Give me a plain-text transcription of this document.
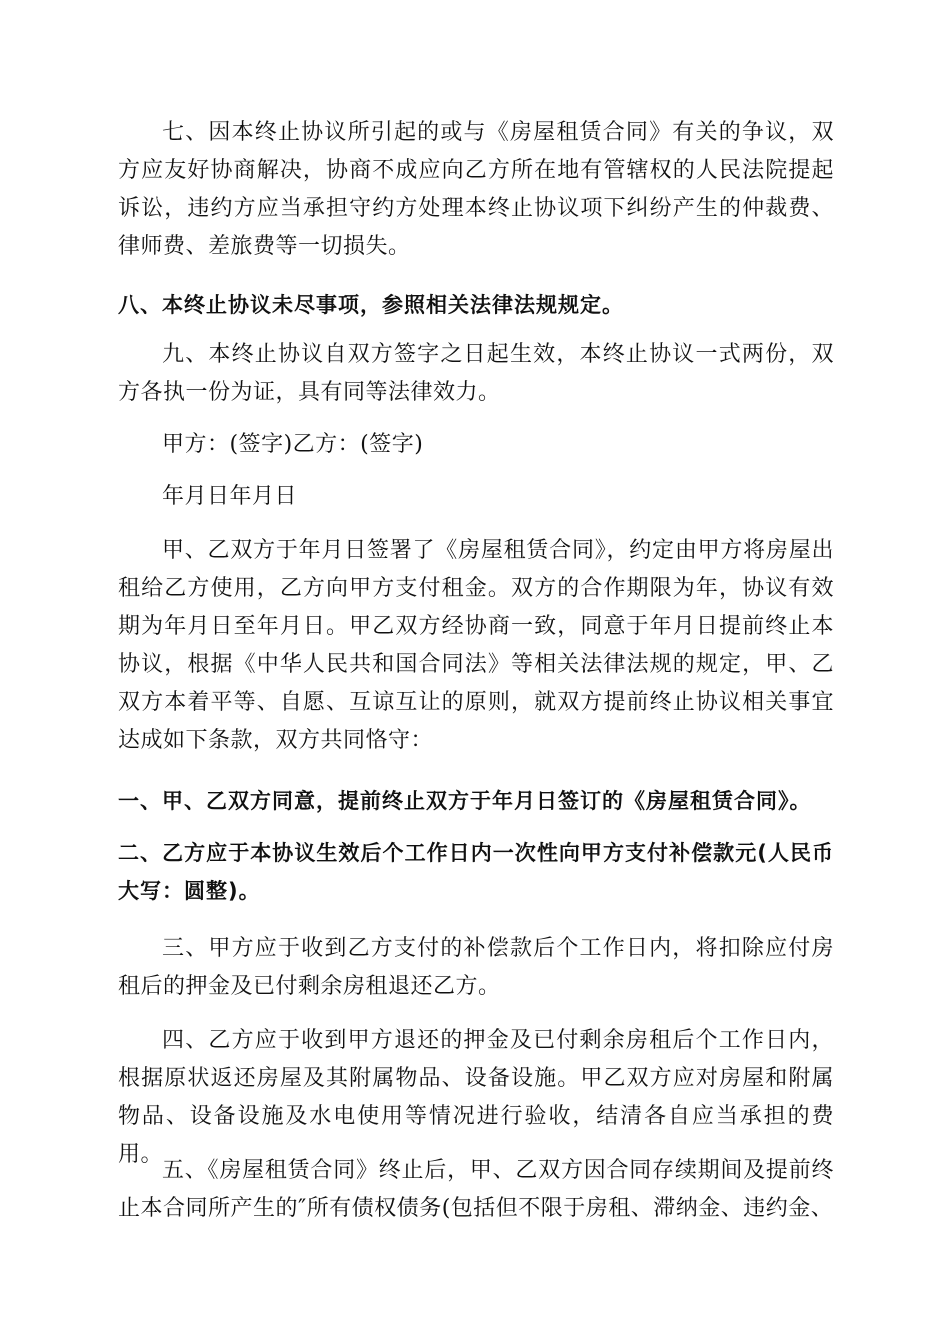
七、因本终止协议所引起的或与《房屋租赁合同》有关的争议，双方应友好协商解决，协商不成应向乙方所在地有管辖权的人民法院提起诉讼，违约方应当承担守约方处理本终止协议项下纠纷产生的仲裁费、律师费、差旅费等一切损失。

八、本终止协议未尽事项，参照相关法律法规规定。

九、本终止协议自双方签字之日起生效，本终止协议一式两份，双方各执一份为证，具有同等法律效力。

甲方：(签字)乙方：(签字)

年月日年月日

甲、乙双方于年月日签署了《房屋租赁合同》，约定由甲方将房屋出租给乙方使用，乙方向甲方支付租金。双方的合作期限为年，协议有效期为年月日至年月日。甲乙双方经协商一致，同意于年月日提前终止本协议，根据《中华人民共和国合同法》等相关法律法规的规定，甲、乙双方本着平等、自愿、互谅互让的原则，就双方提前终止协议相关事宜达成如下条款，双方共同恪守：

一、甲、乙双方同意，提前终止双方于年月日签订的《房屋租赁合同》。

二、乙方应于本协议生效后个工作日内一次性向甲方支付补偿款元(人民币大写：圆整)。

三、甲方应于收到乙方支付的补偿款后个工作日内，将扣除应付房租后的押金及已付剩余房租退还乙方。

四、乙方应于收到甲方退还的押金及已付剩余房租后个工作日内，根据原状返还房屋及其附属物品、设备设施。甲乙双方应对房屋和附属物品、设备设施及水电使用等情况进行验收，结清各自应当承担的费用。

五、《房屋租赁合同》终止后，甲、乙双方因合同存续期间及提前终止本合同所产生的″所有债权债务(包括但不限于房租、滞纳金、违约金、
